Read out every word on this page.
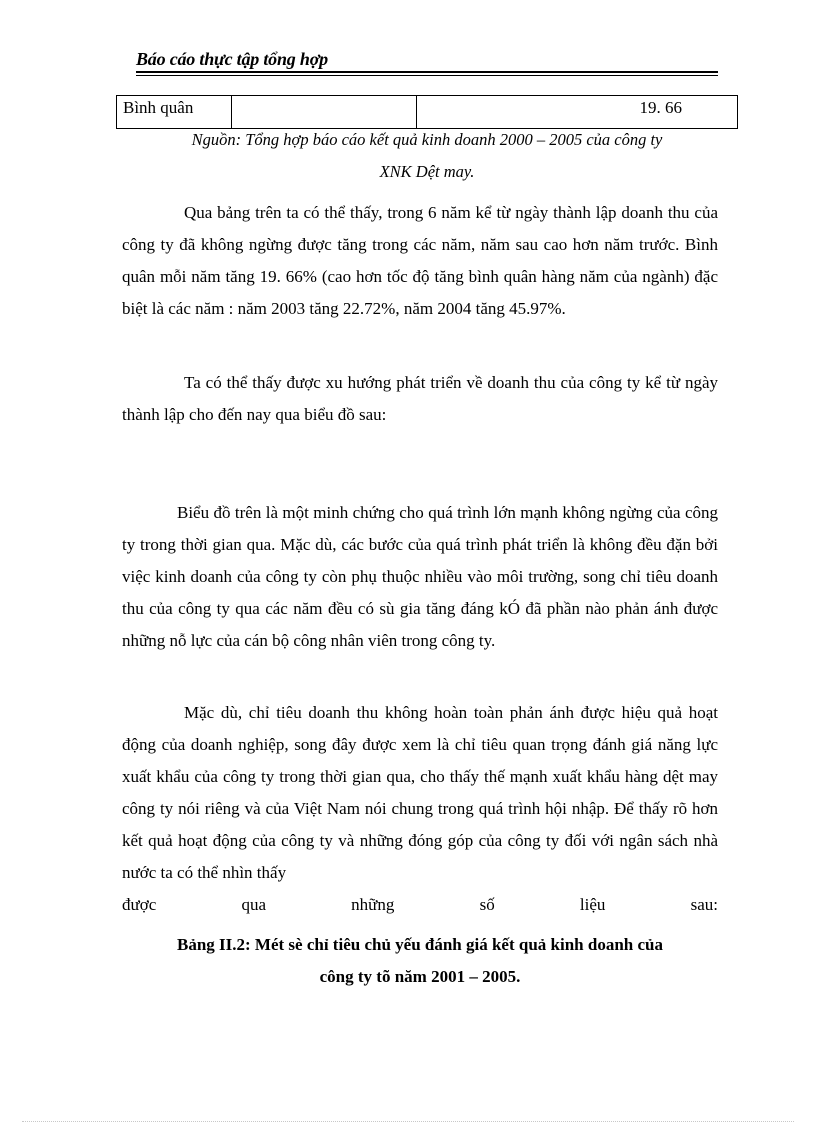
Báo cáo thực tập tổng hợp
Bình quân		19. 66
Nguồn: Tổng hợp báo cáo kết quả kinh doanh 2000 – 2005 của công ty
XNK Dệt may.

Qua bảng trên ta có thể thấy, trong 6 năm kể từ ngày thành lập doanh thu của công ty đã không ngừng được tăng trong các năm, năm sau cao hơn năm trước. Bình quân mỗi năm tăng 19. 66% (cao hơn tốc độ tăng bình quân hàng năm của ngành) đặc biệt là các năm : năm 2003 tăng 22.72%, năm 2004 tăng 45.97%.

Ta có thể thấy được xu hướng phát triển về doanh thu của công ty kể từ ngày thành lập cho đến nay qua biểu đồ sau:

Biểu đồ trên là một minh chứng cho quá trình lớn mạnh không ngừng của công ty trong thời gian qua. Mặc dù, các bước của quá trình phát triển là không đều đặn bởi việc kinh doanh của công ty còn phụ thuộc nhiều vào môi trường, song chỉ tiêu doanh thu của công ty qua các năm đều có sù gia tăng đáng kÓ đã phần nào phản ánh được những nỗ lực của cán bộ công nhân viên trong công ty.

Mặc dù, chỉ tiêu doanh thu không hoàn toàn phản ánh được hiệu quả hoạt động của doanh nghiệp, song đây được xem là chỉ tiêu quan trọng đánh giá năng lực xuất khẩu của công ty trong thời gian qua, cho thấy thế mạnh xuất khẩu hàng dệt may công ty nói riêng và của Việt Nam nói chung trong quá trình hội nhập. Để thấy rõ hơn kết quả hoạt động của công ty và những đóng góp của công ty đối với ngân sách nhà nước ta có thể nhìn thấy

được	qua	những	số	liệu	sau:
Bảng II.2: Mét sè chỉ tiêu chủ yếu đánh giá kết quả kinh doanh của
công ty tõ năm 2001 – 2005.
